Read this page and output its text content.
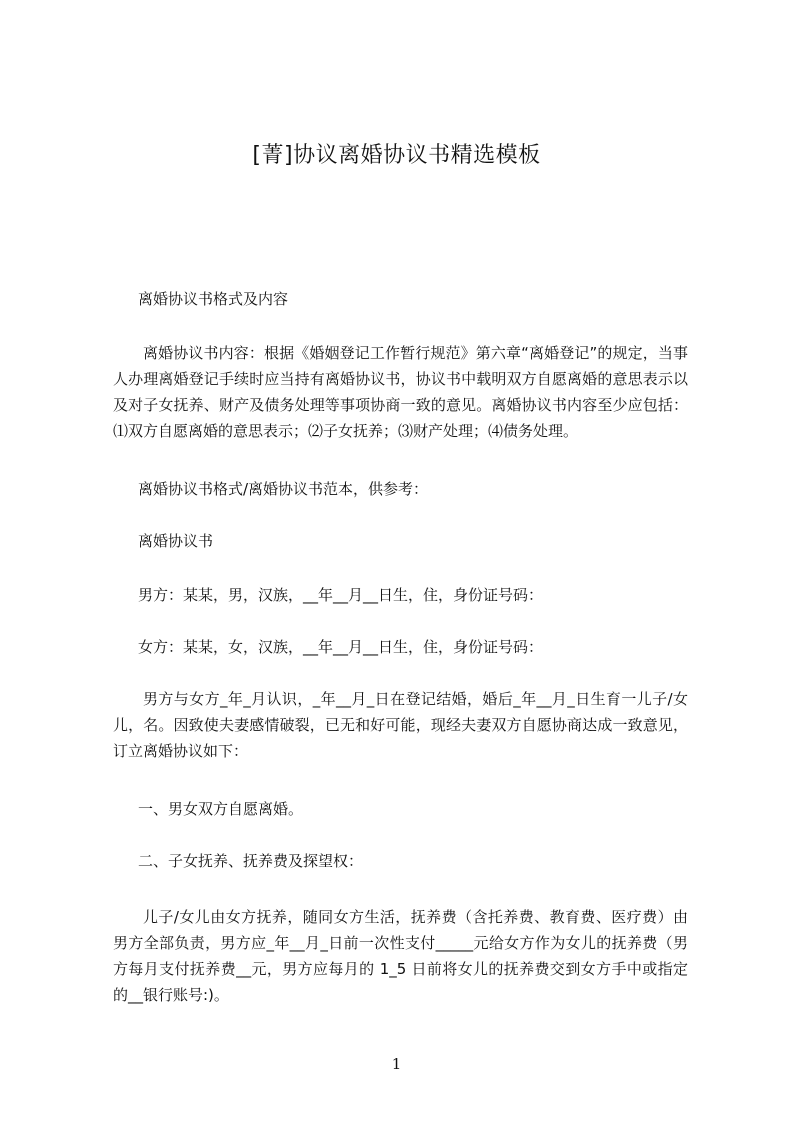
[菁]协议离婚协议书精选模板

离婚协议书格式及内容

离婚协议书内容：根据《婚姻登记工作暂行规范》第六章“离婚登记”的规定，当事人办理离婚登记手续时应当持有离婚协议书，协议书中载明双方自愿离婚的意思表示以及对子女抚养、财产及债务处理等事项协商一致的意见。离婚协议书内容至少应包括：⑴双方自愿离婚的意思表示；⑵子女抚养；⑶财产处理；⑷债务处理。

离婚协议书格式/离婚协议书范本，供参考：

离婚协议书

男方：某某，男，汉族，__年__月__日生，住，身份证号码：

女方：某某，女，汉族，__年__月__日生，住，身份证号码：

男方与女方_年_月认识，_年__月_日在登记结婚，婚后_年__月_日生育一儿子/女儿，名。因致使夫妻感情破裂，已无和好可能，现经夫妻双方自愿协商达成一致意见，订立离婚协议如下：

一、男女双方自愿离婚。

二、子女抚养、抚养费及探望权：

儿子/女儿由女方抚养，随同女方生活，抚养费（含托养费、教育费、医疗费）由男方全部负责，男方应_年__月_日前一次性支付_____元给女方作为女儿的抚养费（男方每月支付抚养费__元，男方应每月的 1_5 日前将女儿的抚养费交到女方手中或指定的__银行账号:)。

1
